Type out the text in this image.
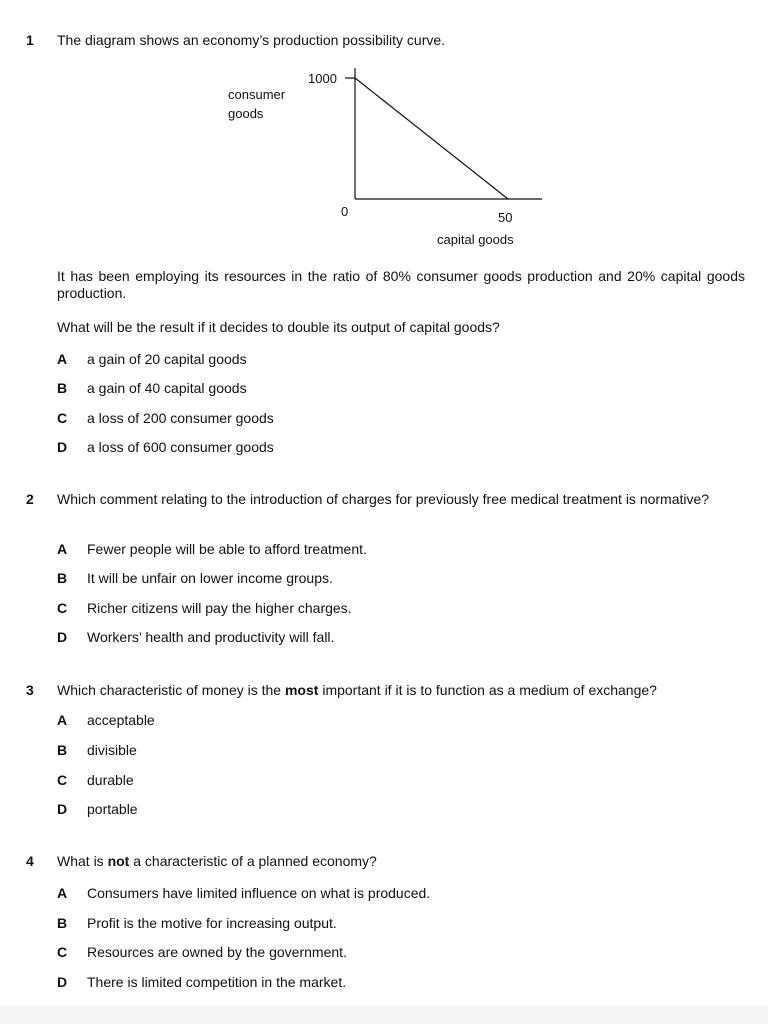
1 The diagram shows an economy’s production possibility curve.
consumer
goods
1000
0	50
capital goods
It has been employing its resources in the ratio of 80% consumer goods production and 20% capital goods production.
What will be the result if it decides to double its output of capital goods?
A	a gain of 20 capital goods
B	a gain of 40 capital goods
C	a loss of 200 consumer goods
D	a loss of 600 consumer goods
2 Which comment relating to the introduction of charges for previously free medical treatment is normative?
A	Fewer people will be able to afford treatment.
B	It will be unfair on lower income groups.
C	Richer citizens will pay the higher charges.
D	Workers’ health and productivity will fall.
3 Which characteristic of money is the most important if it is to function as a medium of exchange?
A	acceptable
B	divisible
C	durable
D	portable
4 What is not a characteristic of a planned economy?
A	Consumers have limited influence on what is produced.
B	Profit is the motive for increasing output.
C	Resources are owned by the government.
D	There is limited competition in the market.
